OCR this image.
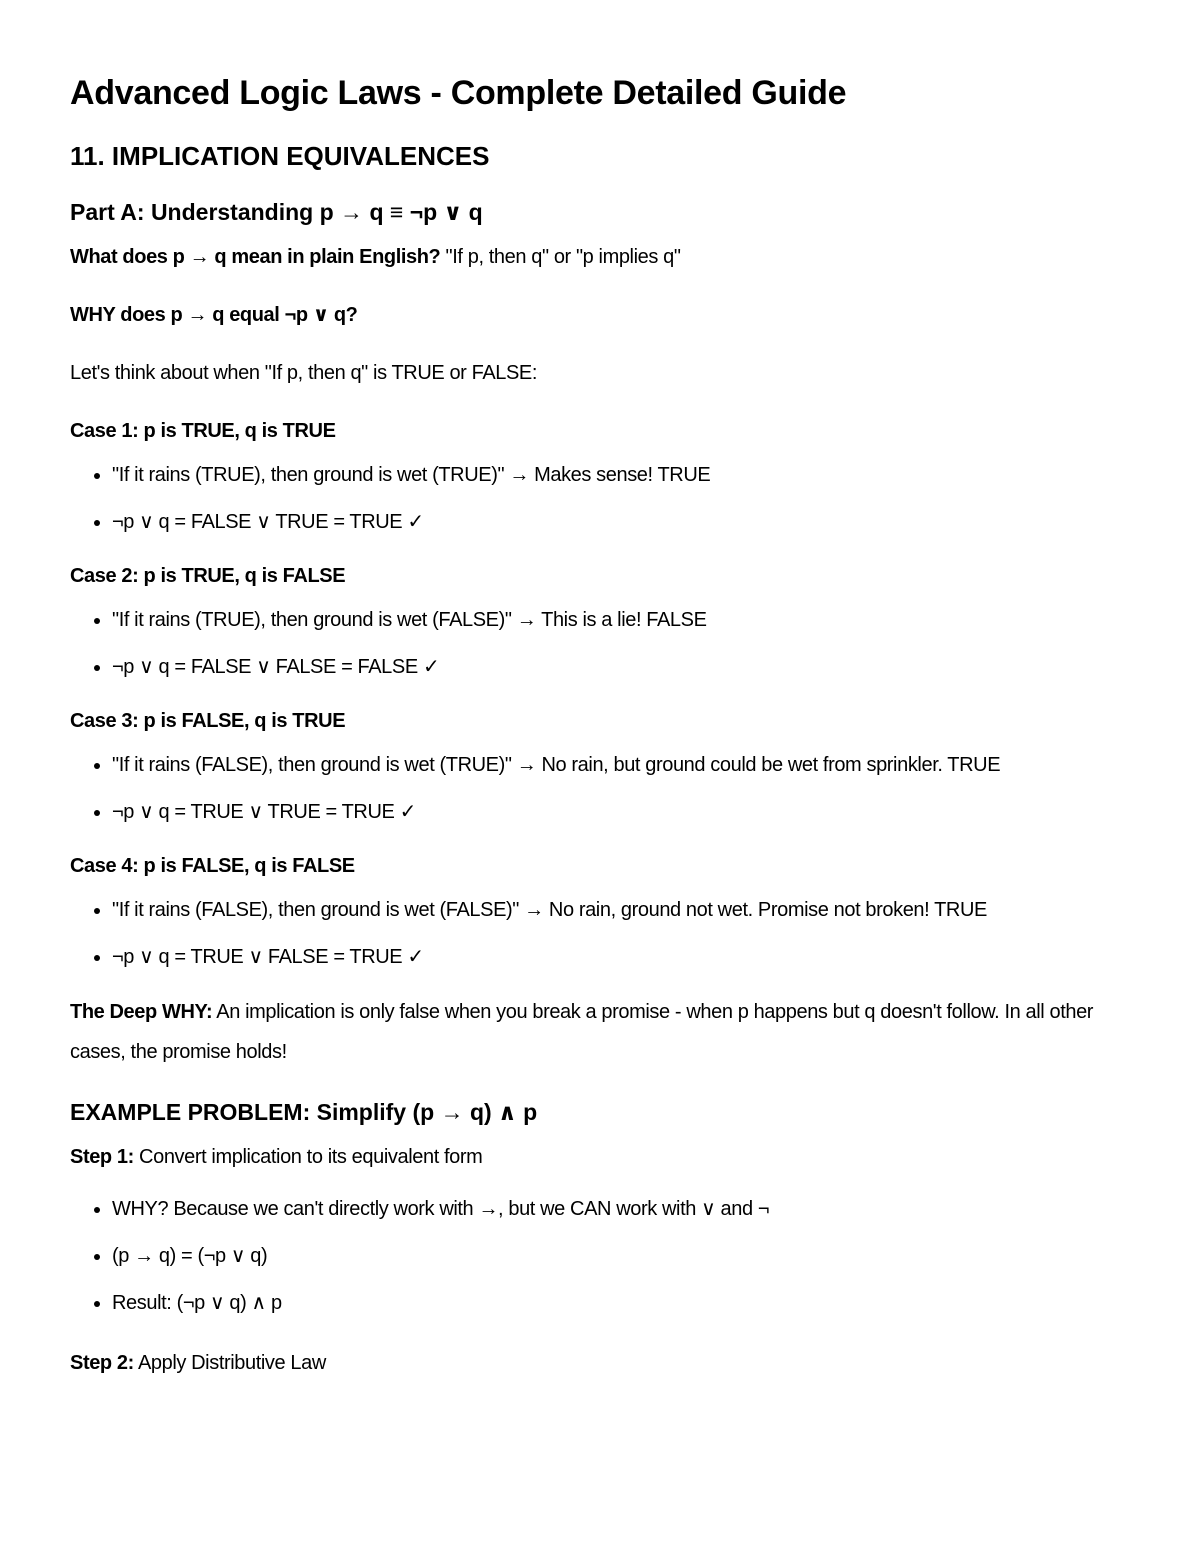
Advanced Logic Laws - Complete Detailed Guide
11. IMPLICATION EQUIVALENCES
Part A: Understanding p → q ≡ ¬p ∨ q

What does p → q mean in plain English? "If p, then q" or "p implies q"

WHY does p → q equal ¬p ∨ q?

Let's think about when "If p, then q" is TRUE or FALSE:

Case 1: p is TRUE, q is TRUE

• "If it rains (TRUE), then ground is wet (TRUE)" → Makes sense! TRUE
• ¬p ∨ q = FALSE ∨ TRUE = TRUE ✓

Case 2: p is TRUE, q is FALSE

• "If it rains (TRUE), then ground is wet (FALSE)" → This is a lie! FALSE
• ¬p ∨ q = FALSE ∨ FALSE = FALSE ✓

Case 3: p is FALSE, q is TRUE

• "If it rains (FALSE), then ground is wet (TRUE)" → No rain, but ground could be wet from sprinkler. TRUE
• ¬p ∨ q = TRUE ∨ TRUE = TRUE ✓

Case 4: p is FALSE, q is FALSE

• "If it rains (FALSE), then ground is wet (FALSE)" → No rain, ground not wet. Promise not broken! TRUE
• ¬p ∨ q = TRUE ∨ FALSE = TRUE ✓

The Deep WHY: An implication is only false when you break a promise - when p happens but q doesn't follow. In all other cases, the promise holds!

EXAMPLE PROBLEM: Simplify (p → q) ∧ p

Step 1: Convert implication to its equivalent form

• WHY? Because we can't directly work with →, but we CAN work with ∨ and ¬
• (p → q) = (¬p ∨ q)
• Result: (¬p ∨ q) ∧ p

Step 2: Apply Distributive Law
